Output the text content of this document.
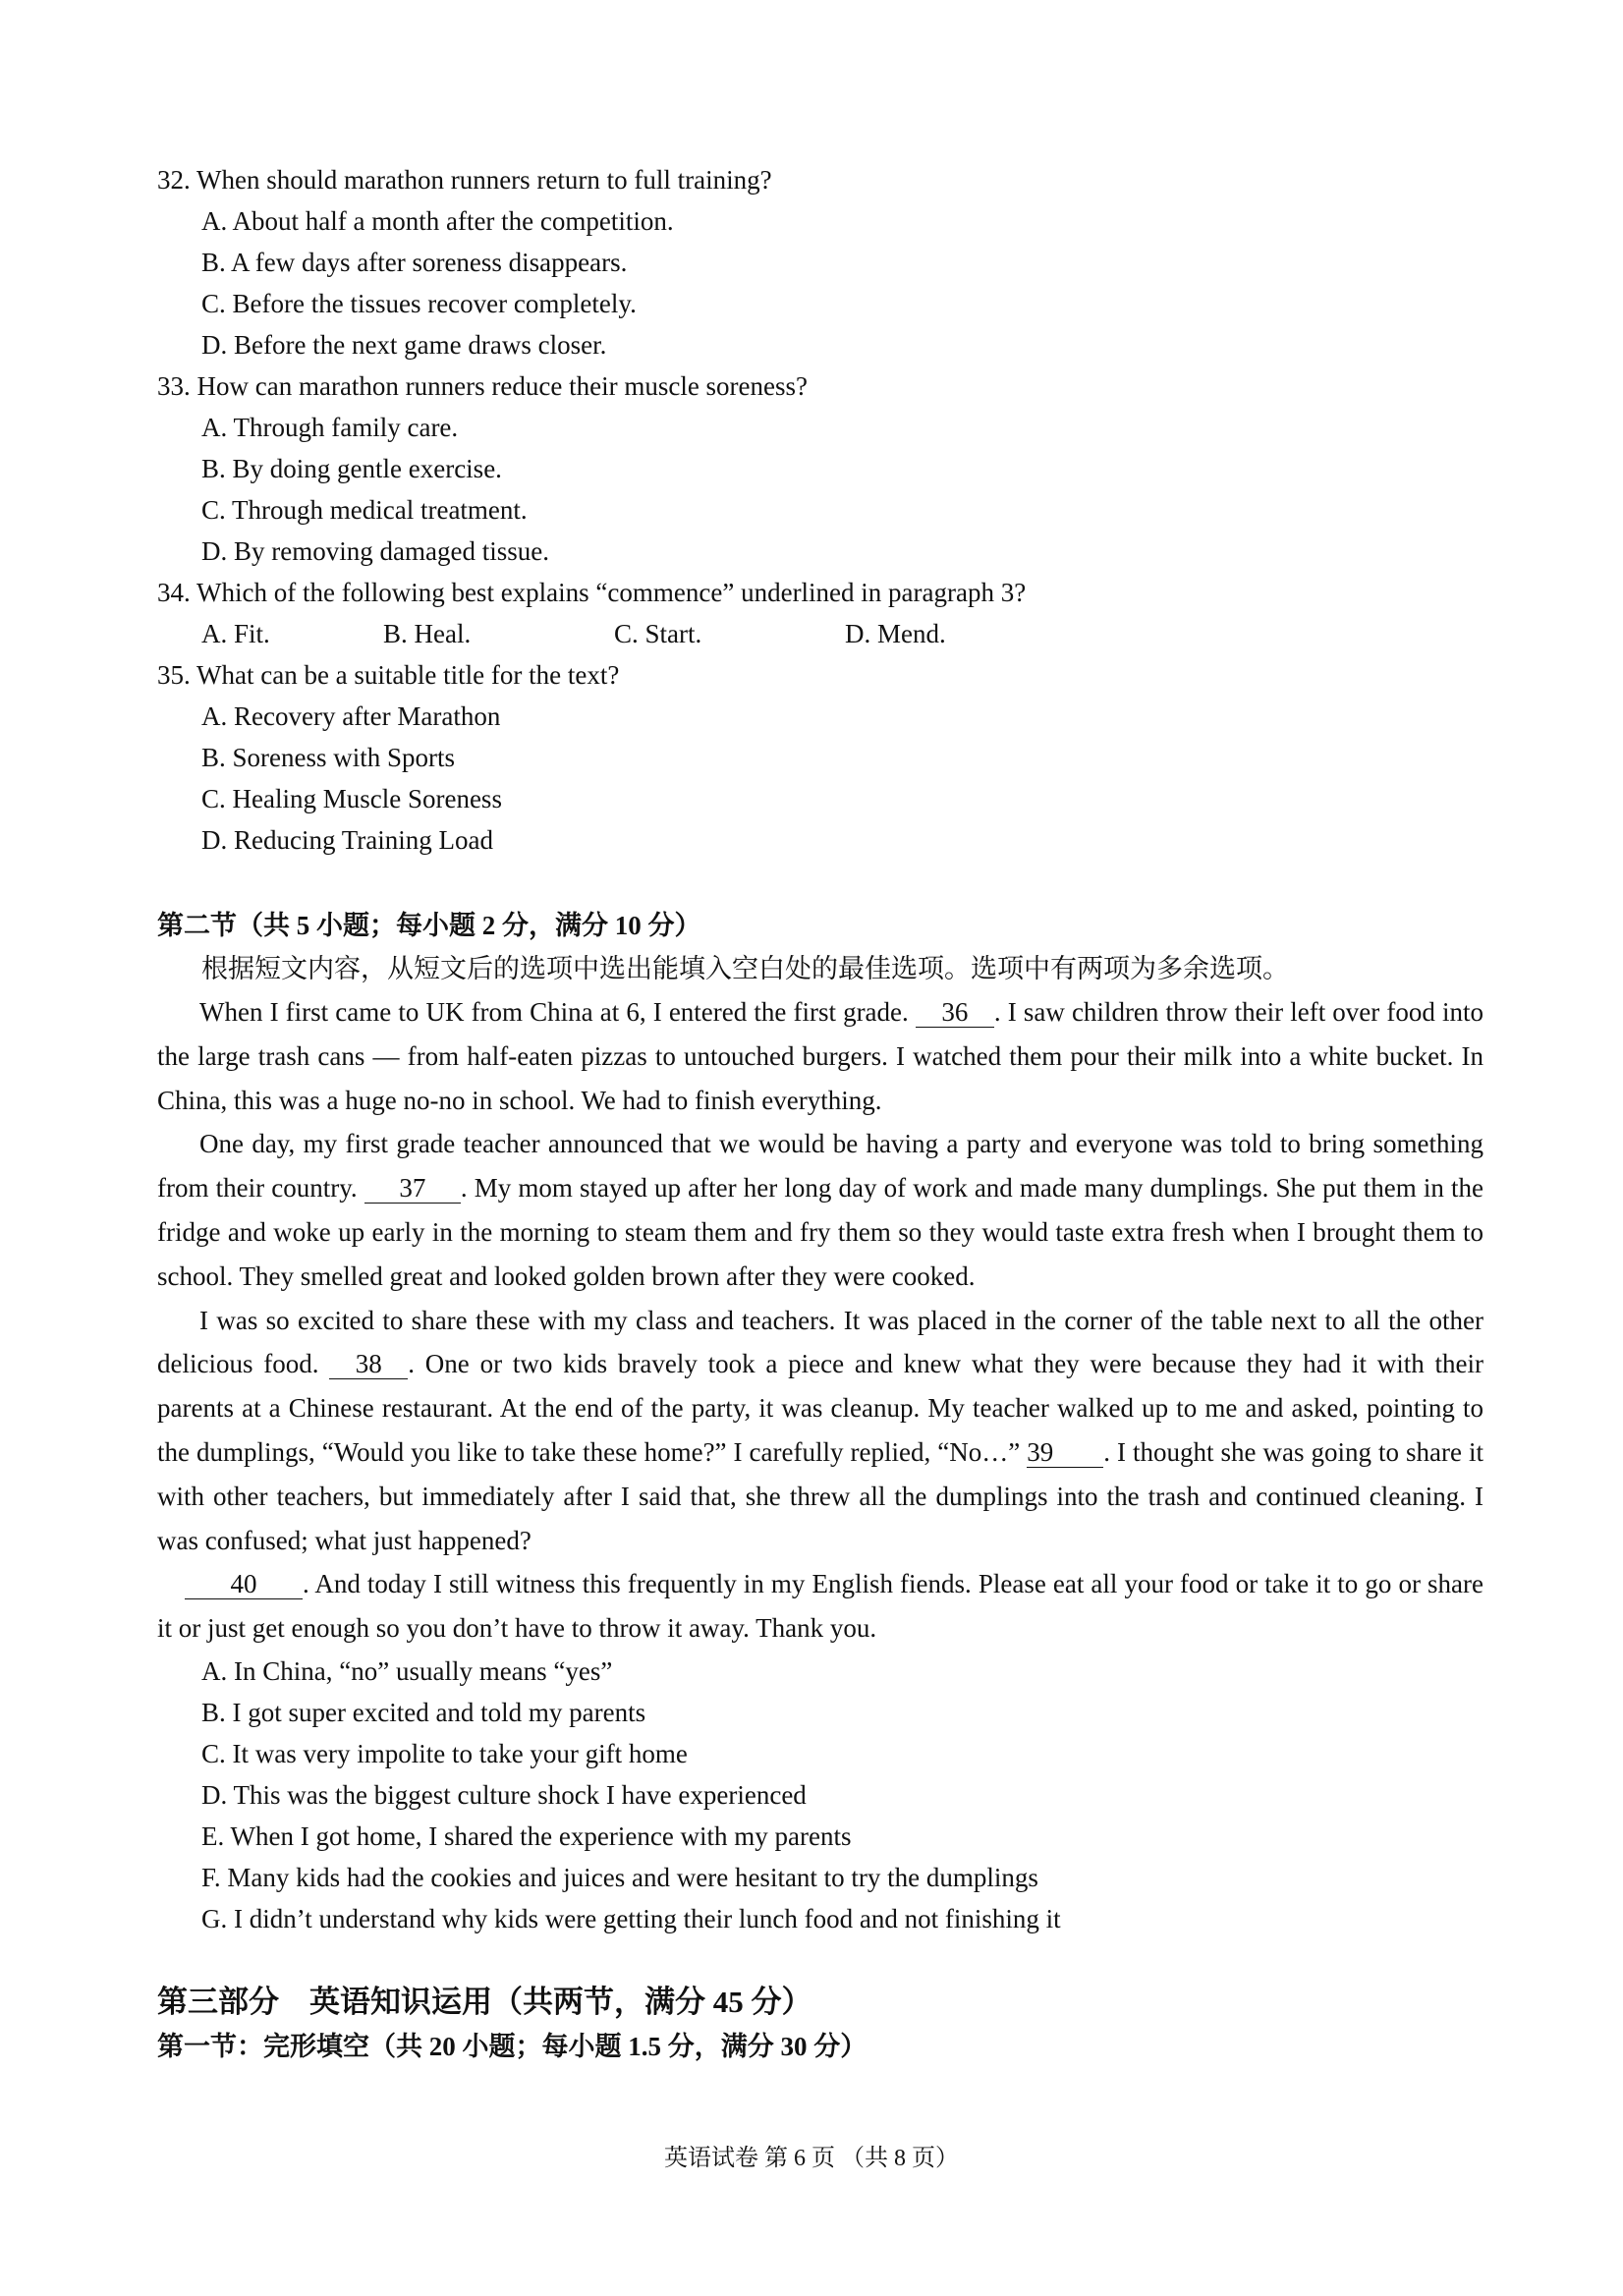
32. When should marathon runners return to full training?
A. About half a month after the competition.
B. A few days after soreness disappears.
C. Before the tissues recover completely.
D. Before the next game draws closer.
33. How can marathon runners reduce their muscle soreness?
A. Through family care.
B. By doing gentle exercise.
C. Through medical treatment.
D. By removing damaged tissue.
34. Which of the following best explains “commence” underlined in paragraph 3?
A. Fit.	B. Heal.	C. Start.	D. Mend.
35. What can be a suitable title for the text?
A. Recovery after Marathon
B. Soreness with Sports
C. Healing Muscle Soreness
D. Reducing Training Load
第二节（共 5 小题；每小题 2 分，满分 10 分）
根据短文内容，从短文后的选项中选出能填入空白处的最佳选项。选项中有两项为多余选项。

When I first came to UK from China at 6, I entered the first grade. 36 . I saw children throw their left over food into the large trash cans — from half-eaten pizzas to untouched burgers. I watched them pour their milk into a white bucket. In China, this was a huge no-no in school. We had to finish everything.

One day, my first grade teacher announced that we would be having a party and everyone was told to bring something from their country. 37 . My mom stayed up after her long day of work and made many dumplings. She put them in the fridge and woke up early in the morning to steam them and fry them so they would taste extra fresh when I brought them to school. They smelled great and looked golden brown after they were cooked.

I was so excited to share these with my class and teachers. It was placed in the corner of the table next to all the other delicious food. 38 . One or two kids bravely took a piece and knew what they were because they had it with their parents at a Chinese restaurant. At the end of the party, it was cleanup. My teacher walked up to me and asked, pointing to the dumplings, “Would you like to take these home?” I carefully replied, “No…” 39 . I thought she was going to share it with other teachers, but immediately after I said that, she threw all the dumplings into the trash and continued cleaning. I was confused; what just happened?

40 . And today I still witness this frequently in my English fiends. Please eat all your food or take it to go or share it or just get enough so you don’t have to throw it away. Thank you.

A. In China, “no” usually means “yes”
B. I got super excited and told my parents
C. It was very impolite to take your gift home
D. This was the biggest culture shock I have experienced
E. When I got home, I shared the experience with my parents
F. Many kids had the cookies and juices and were hesitant to try the dumplings
G. I didn’t understand why kids were getting their lunch food and not finishing it
第三部分　英语知识运用（共两节，满分 45 分）
第一节：完形填空（共 20 小题；每小题 1.5 分，满分 30 分）
英语试卷 第 6 页 （共 8 页）
